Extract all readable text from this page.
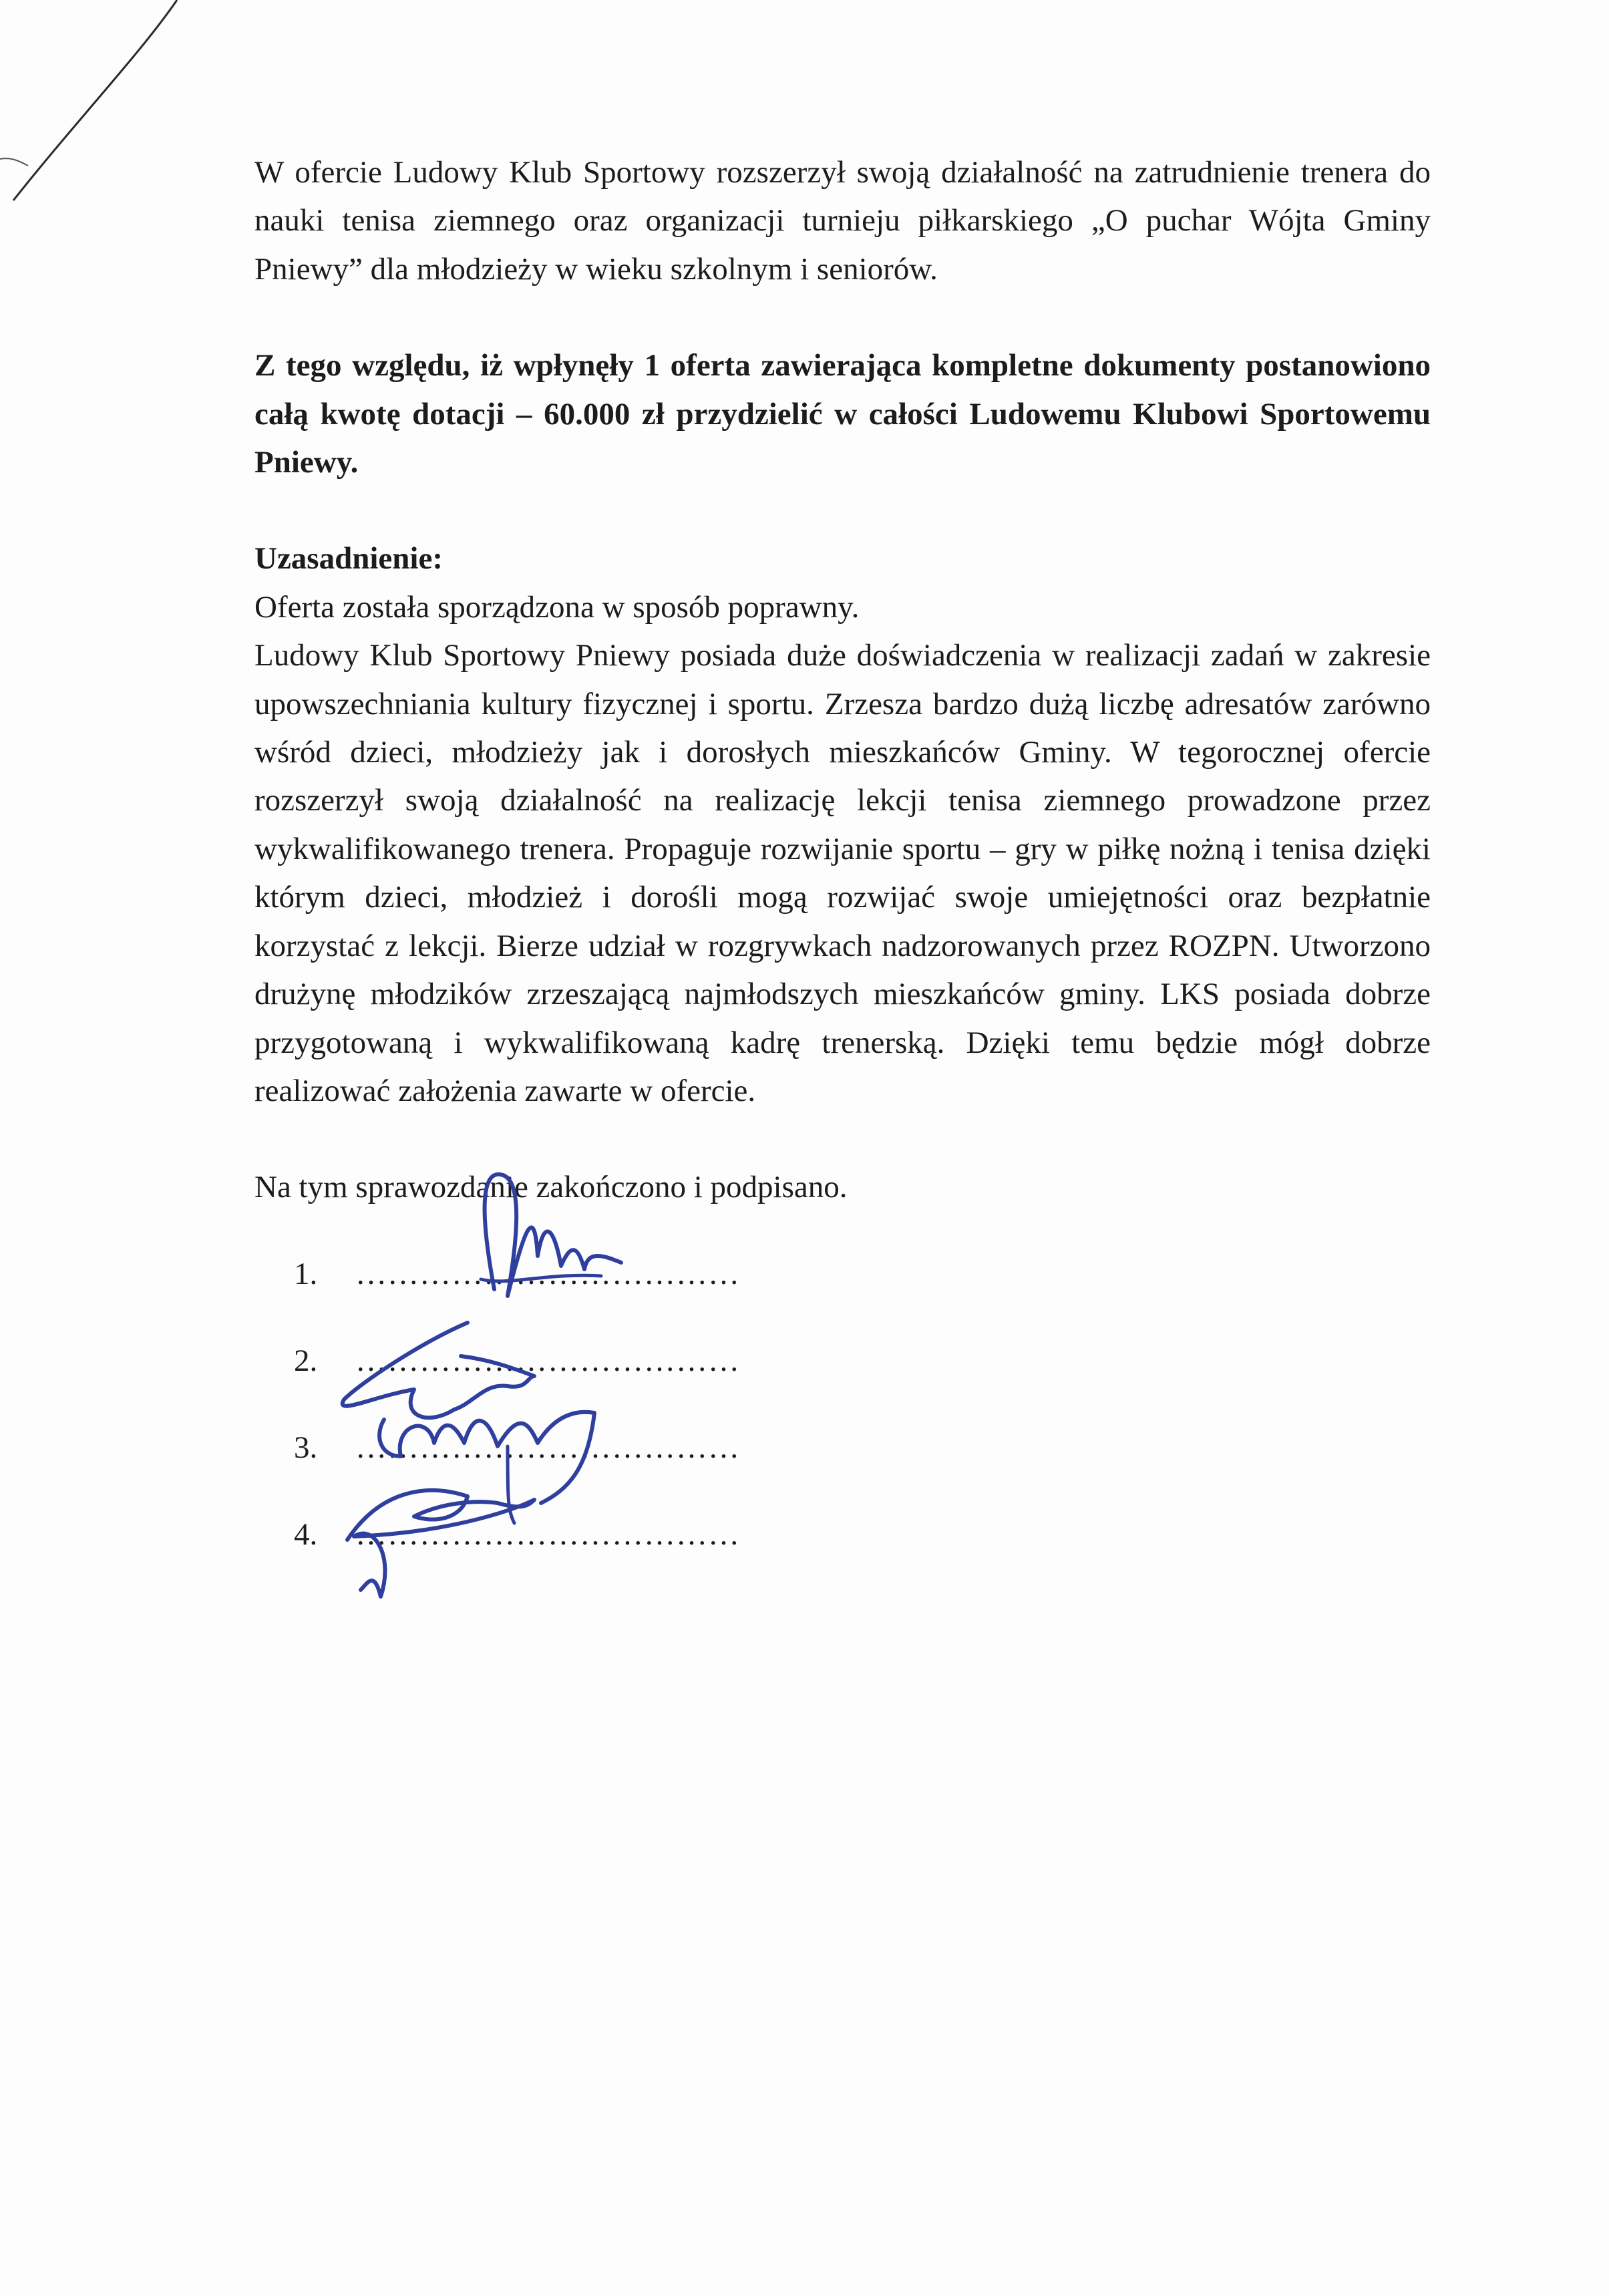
W ofercie Ludowy Klub Sportowy rozszerzył swoją działalność na zatrudnienie trenera do nauki tenisa ziemnego oraz organizacji turnieju piłkarskiego „O puchar Wójta Gminy Pniewy” dla młodzieży w wieku szkolnym i seniorów.

Z tego względu, iż wpłynęły 1 oferta zawierająca kompletne dokumenty postanowiono całą kwotę dotacji – 60.000 zł przydzielić w całości Ludowemu Klubowi Sportowemu Pniewy.

Uzasadnienie:

Oferta została sporządzona w sposób poprawny.

Ludowy Klub Sportowy Pniewy posiada duże doświadczenia w realizacji zadań w zakresie upowszechniania kultury fizycznej i sportu. Zrzesza bardzo dużą liczbę adresatów zarówno wśród dzieci, młodzieży jak i dorosłych mieszkańców Gminy. W tegorocznej ofercie rozszerzył swoją działalność na realizację lekcji tenisa ziemnego prowadzone przez wykwalifikowanego trenera. Propaguje rozwijanie sportu – gry w piłkę nożną i tenisa dzięki którym dzieci, młodzież i dorośli mogą rozwijać swoje umiejętności oraz bezpłatnie korzystać z lekcji. Bierze udział w rozgrywkach nadzorowanych przez ROZPN. Utworzono drużynę młodzików zrzeszającą najmłodszych mieszkańców gminy. LKS posiada dobrze przygotowaną i wykwalifikowaną kadrę trenerską. Dzięki temu będzie mógł dobrze realizować założenia zawarte w ofercie.

Na tym sprawozdanie zakończono i podpisano.

1.	………………………………
2.	………………………………
3.	………………………………
4.	………………………………
